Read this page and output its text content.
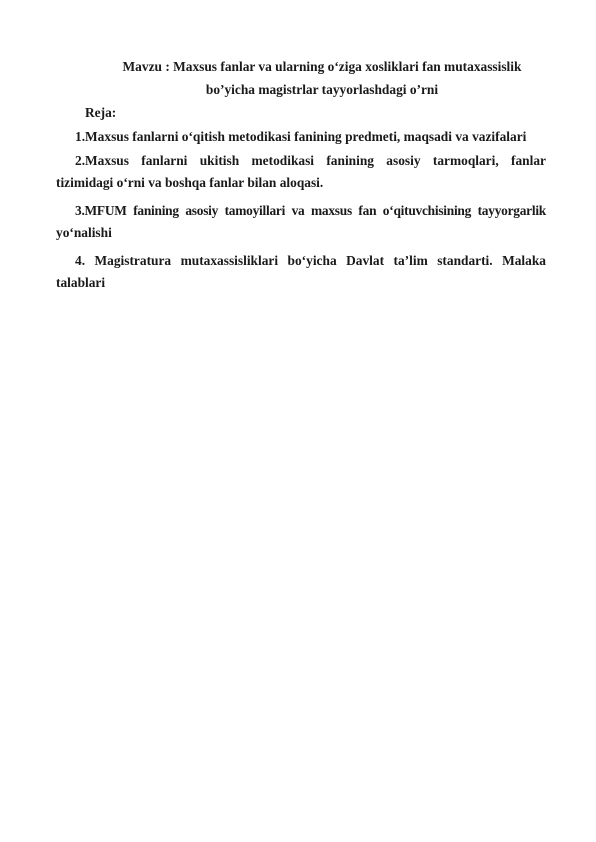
Mavzu : Maxsus fanlar va ularning o‘ziga xosliklari fan mutaxassislik
bo’yicha magistrlar tayyorlashdagi o’rni
Reja:
1.Maxsus fanlarni o‘qitish metodikasi fanining predmeti, maqsadi va vazifalari
2.Maxsus fanlarni ukitish metodikasi fanining asosiy tarmoqlari, fanlar
tizimidagi o‘rni va boshqa fanlar bilan aloqasi.
3.MFUM fanining asosiy tamoyillari va maxsus fan o‘qituvchisining tayyorgarlik
yo‘nalishi
4. Magistratura mutaxassisliklari bo‘yicha Davlat ta’lim standarti. Malaka
talablari
